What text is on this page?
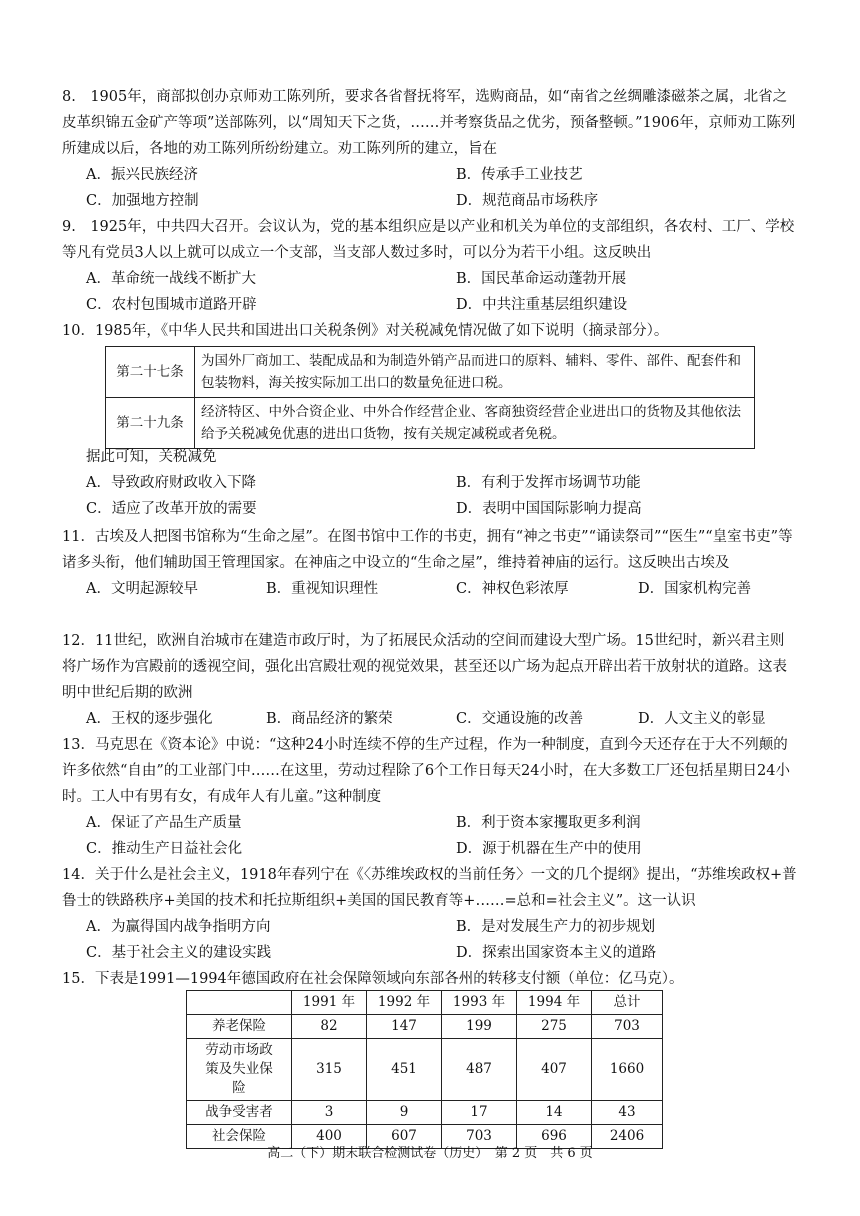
8.　1905年，商部拟创办京师劝工陈列所，要求各省督抚将军，选购商品，如“南省之丝绸雕漆磁茶之属，北省之皮革织锦五金矿产等项”送部陈列，以“周知天下之货，……并考察货品之优劣，预备整顿。”1906年，京师劝工陈列所建成以后，各地的劝工陈列所纷纷建立。劝工陈列所的建立，旨在

A．振兴民族经济	B．传承手工业技艺
C．加强地方控制	D．规范商品市场秩序

9.　1925年，中共四大召开。会议认为，党的基本组织应是以产业和机关为单位的支部组织，各农村、工厂、学校等凡有党员3人以上就可以成立一个支部，当支部人数过多时，可以分为若干小组。这反映出

A．革命统一战线不断扩大	B．国民革命运动蓬勃开展
C．农村包围城市道路开辟	D．中共注重基层组织建设

10．1985年，《中华人民共和国进出口关税条例》对关税减免情况做了如下说明（摘录部分）。

第二十七条	为国外厂商加工、装配成品和为制造外销产品而进口的原料、辅料、零件、部件、配套件和包装物料，海关按实际加工出口的数量免征进口税。
第二十九条	经济特区、中外合资企业、中外合作经营企业、客商独资经营企业进出口的货物及其他依法给予关税减免优惠的进出口货物，按有关规定减税或者免税。
据此可知，关税减免
A．导致政府财政收入下降	B．有利于发挥市场调节功能
C．适应了改革开放的需要	D．表明中国国际影响力提高

11．古埃及人把图书馆称为“生命之屋”。在图书馆中工作的书吏，拥有“神之书吏”“诵读祭司”“医生”“皇室书吏”等诸多头衔，他们辅助国王管理国家。在神庙之中设立的“生命之屋”，维持着神庙的运行。这反映出古埃及

A．文明起源较早	B．重视知识理性	C．神权色彩浓厚	D．国家机构完善

12．11世纪，欧洲自治城市在建造市政厅时，为了拓展民众活动的空间而建设大型广场。15世纪时，新兴君主则将广场作为宫殿前的透视空间，强化出宫殿壮观的视觉效果，甚至还以广场为起点开辟出若干放射状的道路。这表明中世纪后期的欧洲

A．王权的逐步强化	B．商品经济的繁荣	C．交通设施的改善	D．人文主义的彰显

13．马克思在《资本论》中说：“这种24小时连续不停的生产过程，作为一种制度，直到今天还存在于大不列颠的许多依然“自由”的工业部门中……在这里，劳动过程除了6个工作日每天24小时，在大多数工厂还包括星期日24小时。工人中有男有女，有成年人有儿童。”这种制度

A．保证了产品生产质量	B．利于资本家攫取更多利润
C．推动生产日益社会化	D．源于机器在生产中的使用

14．关于什么是社会主义，1918年春列宁在《〈苏维埃政权的当前任务〉一文的几个提纲》提出，“苏维埃政权+普鲁士的铁路秩序+美国的技术和托拉斯组织+美国的国民教育等+……=总和=社会主义”。这一认识

A．为赢得国内战争指明方向	B．是对发展生产力的初步规划
C．基于社会主义的建设实践	D．探索出国家资本主义的道路

15．下表是1991—1994年德国政府在社会保障领域向东部各州的转移支付额（单位：亿马克）。

	1991 年	1992 年	1993 年	1994 年	总计
养老保险	82	147	199	275	703
劳动市场政策及失业保险	315	451	487	407	1660
战争受害者	3	9	17	14	43
社会保险	400	607	703	696	2406
高二（下）期末联合检测试卷（历史）　第 2 页　共 6 页
